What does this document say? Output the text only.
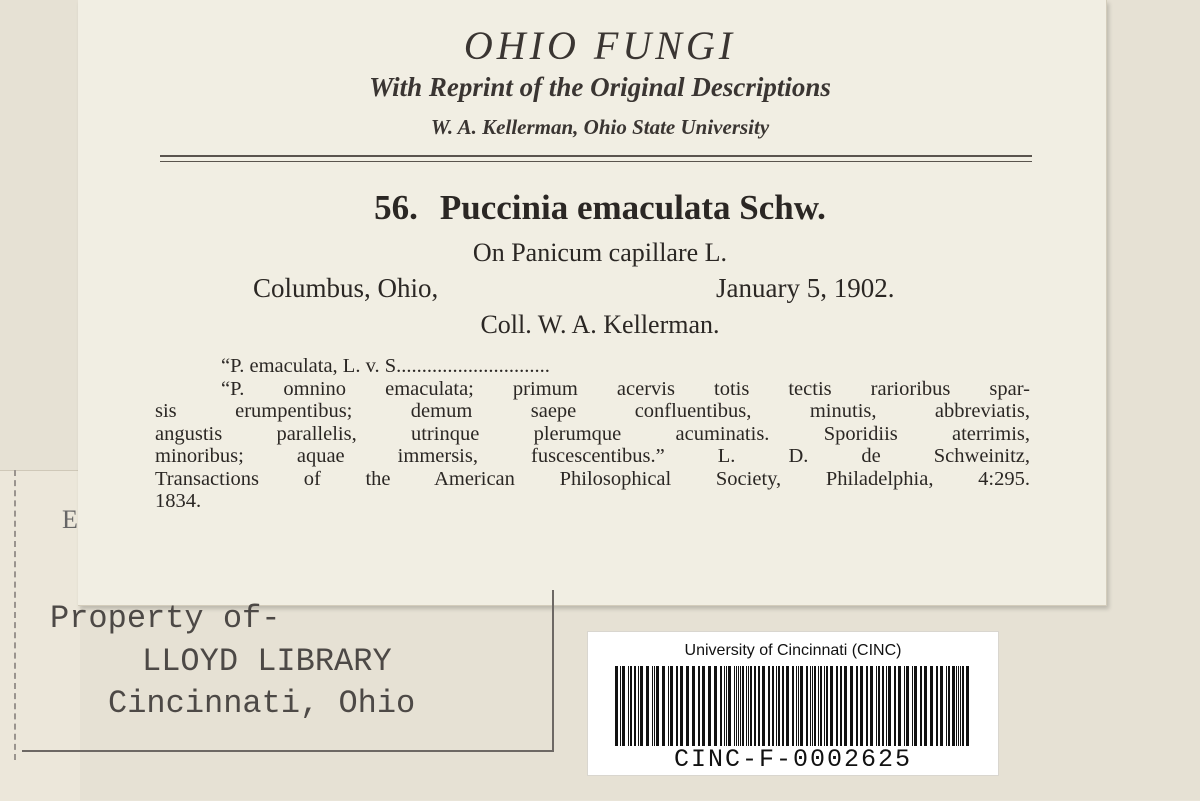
E
OHIO FUNGI
With Reprint of the Original Descriptions
W. A. Kellerman, Ohio State University
56. Puccinia emaculata Schw.
On Panicum capillare L.
Columbus, Ohio,	January 5, 1902.
Coll. W. A. Kellerman.
“P. emaculata, L. v. S..............................
“P. omnino emaculata; primum acervis totis tectis rarioribus spar-
sis erumpentibus; demum saepe confluentibus, minutis, abbreviatis,
angustis parallelis, utrinque plerumque acuminatis. Sporidiis aterrimis,
minoribus; aquae immersis, fuscescentibus.” L. D. de Schweinitz,
Transactions of the American Philosophical Society, Philadelphia, 4:295.
1834.
Property of-
LLOYD LIBRARY
Cincinnati, Ohio
University of Cincinnati (CINC)
CINC-F-0002625
